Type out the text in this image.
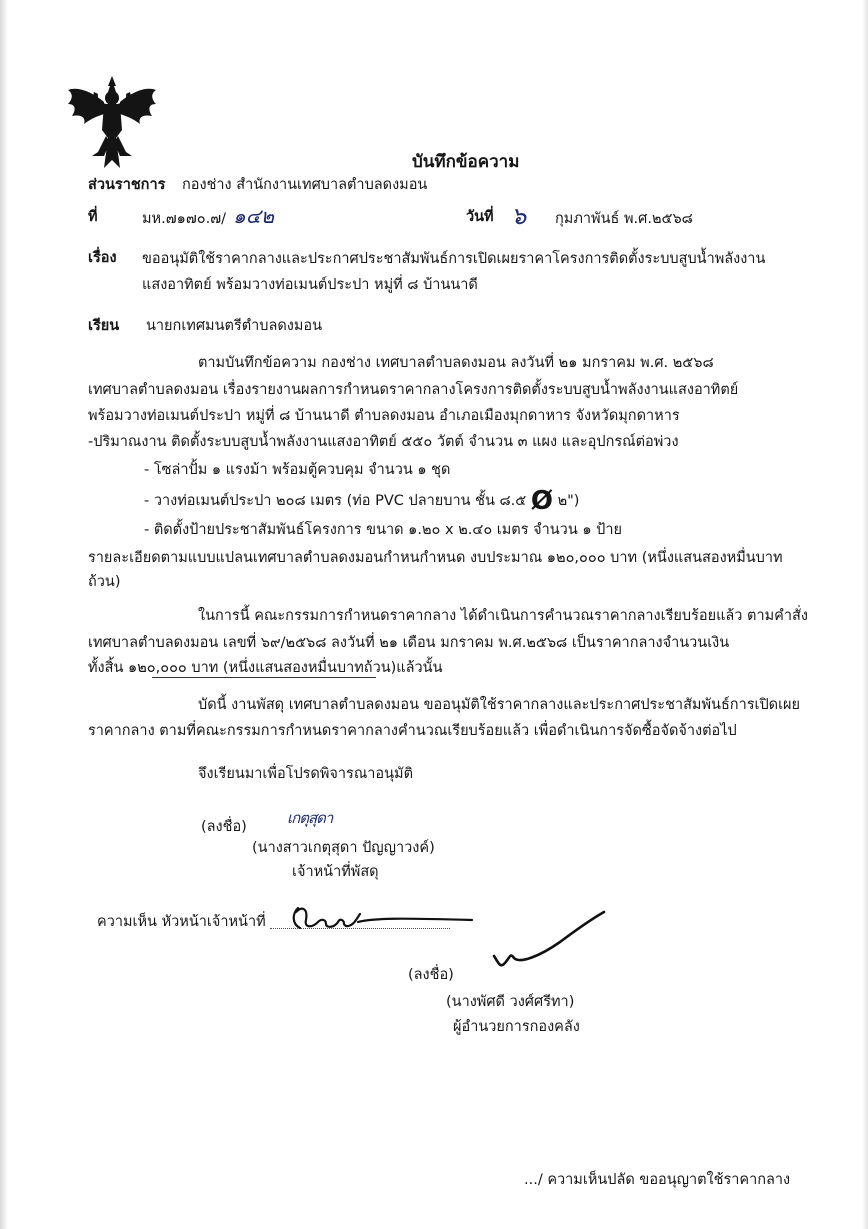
บันทึกข้อความ
ส่วนราชการ กองช่าง สำนักงานเทศบาลตำบลดงมอน
ที่	มห.๗๑๗๐.๗/ ๑๔๒	วันที่ ๖ กุมภาพันธ์ พ.ศ.๒๕๖๘
เรื่อง ขออนุมัติใช้ราคากลางและประกาศประชาสัมพันธ์การเปิดเผยราคาโครงการติดตั้งระบบสูบน้ำพลังงาน
แสงอาทิตย์ พร้อมวางท่อเมนต์ประปา หมู่ที่ ๘ บ้านนาดี
เรียน นายกเทศมนตรีตำบลดงมอน
ตามบันทึกข้อความ กองช่าง เทศบาลตำบลดงมอน ลงวันที่ ๒๑ มกราคม พ.ศ. ๒๕๖๘
เทศบาลตำบลดงมอน เรื่องรายงานผลการกำหนดราคากลางโครงการติดตั้งระบบสูบน้ำพลังงานแสงอาทิตย์
พร้อมวางท่อเมนต์ประปา หมู่ที่ ๘ บ้านนาดี ตำบลดงมอน อำเภอเมืองมุกดาหาร จังหวัดมุกดาหาร
-ปริมาณงาน ติดตั้งระบบสูบน้ำพลังงานแสงอาทิตย์ ๕๕๐ วัตต์ จำนวน ๓ แผง และอุปกรณ์ต่อพ่วง
- โซล่าปั้ม ๑ แรงม้า พร้อมตู้ควบคุม จำนวน ๑ ชุด
- วางท่อเมนต์ประปา ๒๐๘ เมตร (ท่อ PVC ปลายบาน ชั้น ๘.๕ Ø ๒")
- ติดตั้งป้ายประชาสัมพันธ์โครงการ ขนาด ๑.๒๐ x ๒.๔๐ เมตร จำนวน ๑ ป้าย
รายละเอียดตามแบบแปลนเทศบาลตำบลดงมอนกำหนกำหนด งบประมาณ ๑๒๐,๐๐๐ บาท (หนึ่งแสนสองหมื่นบาท
ถ้วน)
ในการนี้ คณะกรรมการกำหนดราคากลาง ได้ดำเนินการคำนวณราคากลางเรียบร้อยแล้ว ตามคำสั่ง
เทศบาลตำบลดงมอน เลขที่ ๖๙/๒๕๖๘ ลงวันที่ ๒๑ เดือน มกราคม พ.ศ.๒๕๖๘ เป็นราคากลางจำนวนเงิน
ทั้งสิ้น ๑๒๐,๐๐๐ บาท (หนึ่งแสนสองหมื่นบาทถ้วน)แล้วนั้น
บัดนี้ งานพัสดุ เทศบาลตำบลดงมอน ขออนุมัติใช้ราคากลางและประกาศประชาสัมพันธ์การเปิดเผย
ราคากลาง ตามที่คณะกรรมการกำหนดราคากลางคำนวณเรียบร้อยแล้ว เพื่อดำเนินการจัดซื้อจัดจ้างต่อไป
จึงเรียนมาเพื่อโปรดพิจารณาอนุมัติ
(ลงชื่อ)	เกตุสุดา
(นางสาวเกตุสุดา ปัญญาวงค์)
เจ้าหน้าที่พัสดุ
ความเห็น หัวหน้าเจ้าหน้าที่
(ลงชื่อ)
(นางพัศดี วงศ์ศรีทา)
ผู้อำนวยการกองคลัง
.../ ความเห็นปลัด ขออนุญาตใช้ราคากลาง
